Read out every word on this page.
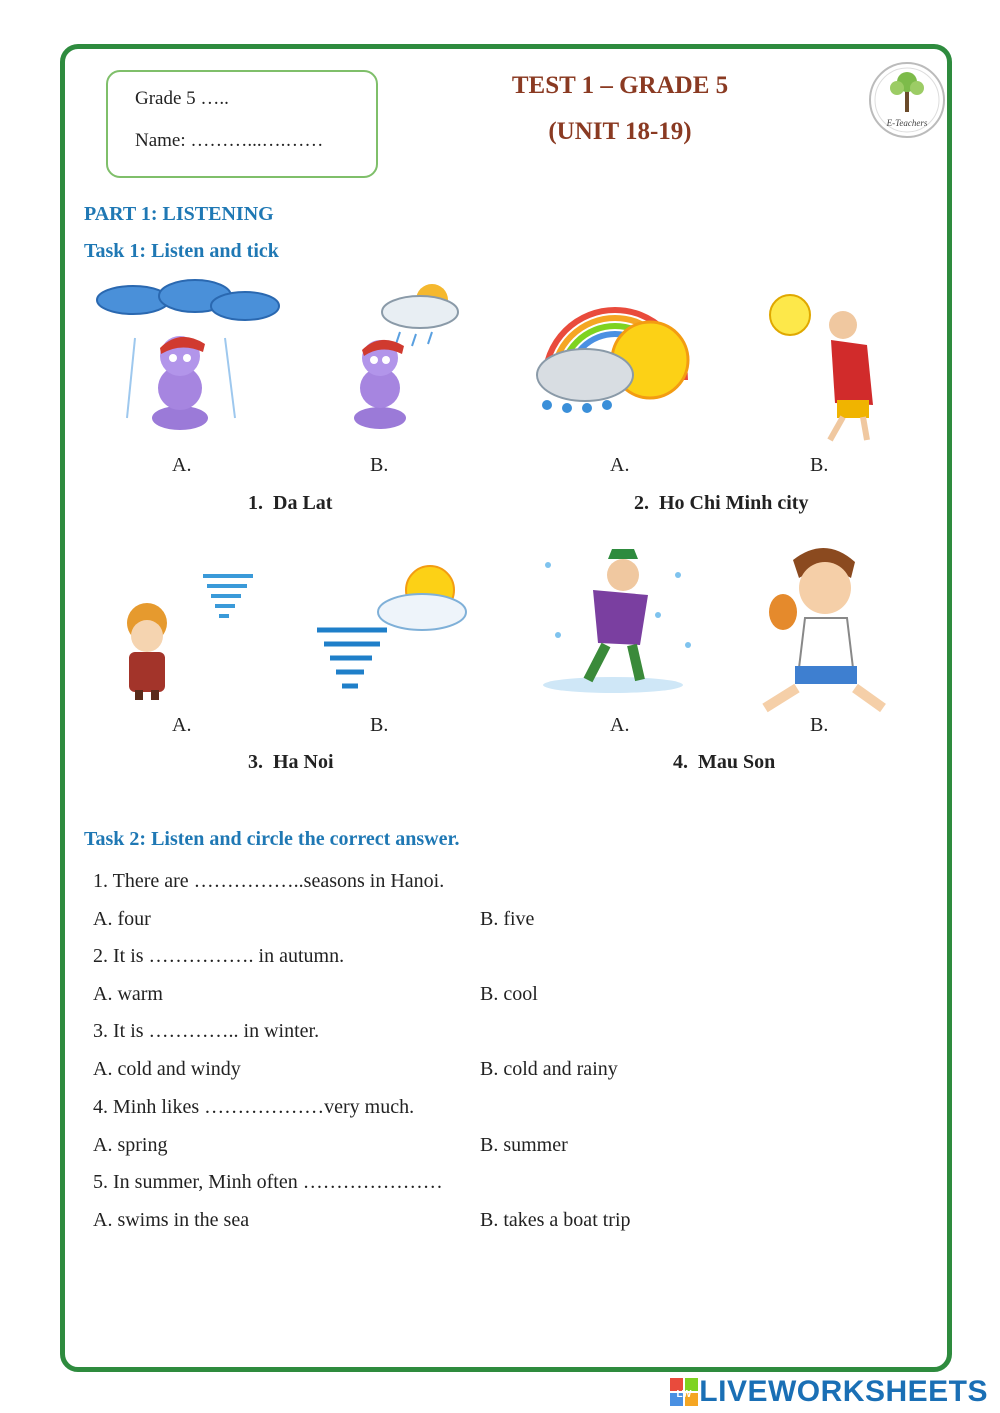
Grade 5 …..
Name: ………...….……
TEST 1 – GRADE 5
(UNIT 18-19)	E-Teachers
PART 1: LISTENING
Task 1: Listen and tick
A.	B.	A.	B.
1. Da Lat	2. Ho Chi Minh city
A.	B.	A.	B.
3. Ha Noi	4. Mau Son
Task 2: Listen and circle the correct answer.
1. There are ……………..seasons in Hanoi.
A. four	B. five
2. It is ……………. in autumn.
A. warm	B. cool
3. It is ………….. in winter.
A. cold and windy	B. cold and rainy
4. Minh likes ………………very much.
A. spring	B. summer
5. In summer, Minh often …………………
A. swims in the sea	B. takes a boat trip
LW LIVEWORKSHEETS
